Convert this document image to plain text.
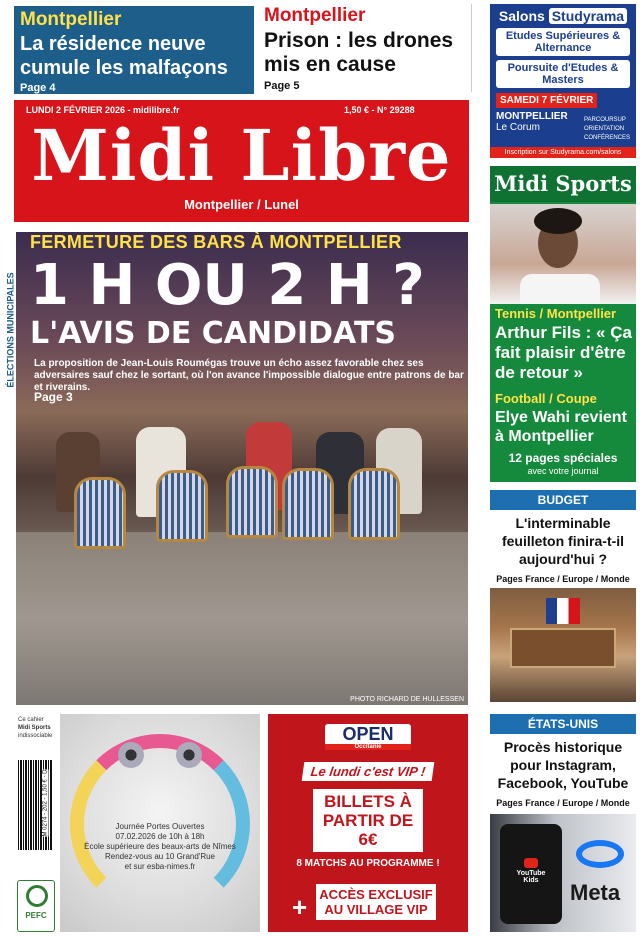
Montpellier
La résidence neuve cumule les malfaçons
Page 4
Montpellier
Prison : les drones mis en cause
Page 5
Salons Studyrama
Etudes Supérieures & Alternance
Poursuite d'Etudes & Masters
SAMEDI 7 FÉVRIER
MONTPELLIER
Le Corum
PARCOURSUP
ORIENTATION
CONFÉRENCES
Inscription sur Studyrama.com/salons
LUNDI 2 FÉVRIER 2026 - midilibre.fr	1,50 € - N° 29288
Midi Libre
Montpellier / Lunel
ÉLECTIONS MUNICIPALES
FERMETURE DES BARS À MONTPELLIER
1 H OU 2 H ?
L'AVIS DE CANDIDATS
La proposition de Jean-Louis Roumégas trouve un écho assez favorable chez ses adversaires sauf chez le sortant, où l'on avance l'impossible dialogue entre patrons de bar et riverains.
Page 3
PHOTO RICHARD DE HULLESSEN
Ce cahier
Midi Sports
indissociable
M 0274 - 202 - 1,50 € - D
PEFC
Journée Portes Ouvertes
07.02.2026 de 10h à 18h
École supérieure des beaux-arts de Nîmes
Rendez-vous au 10 Grand'Rue
et sur esba-nimes.fr
OPEN
Occitanie
Le lundi c'est VIP !
BILLETS À PARTIR DE 6€
8 MATCHS AU PROGRAMME !
+ ACCÈS EXCLUSIF AU VILLAGE VIP
Midi Sports
Tennis / Montpellier
Arthur Fils : « Ça fait plaisir d'être de retour »
Football / Coupe
Elye Wahi revient à Montpellier
12 pages spéciales
avec votre journal
BUDGET
L'interminable feuilleton finira-t-il aujourd'hui ?
Pages France / Europe / Monde
ÉTATS-UNIS
Procès historique pour Instagram, Facebook, YouTube
Pages France / Europe / Monde
YouTube Kids	Meta
